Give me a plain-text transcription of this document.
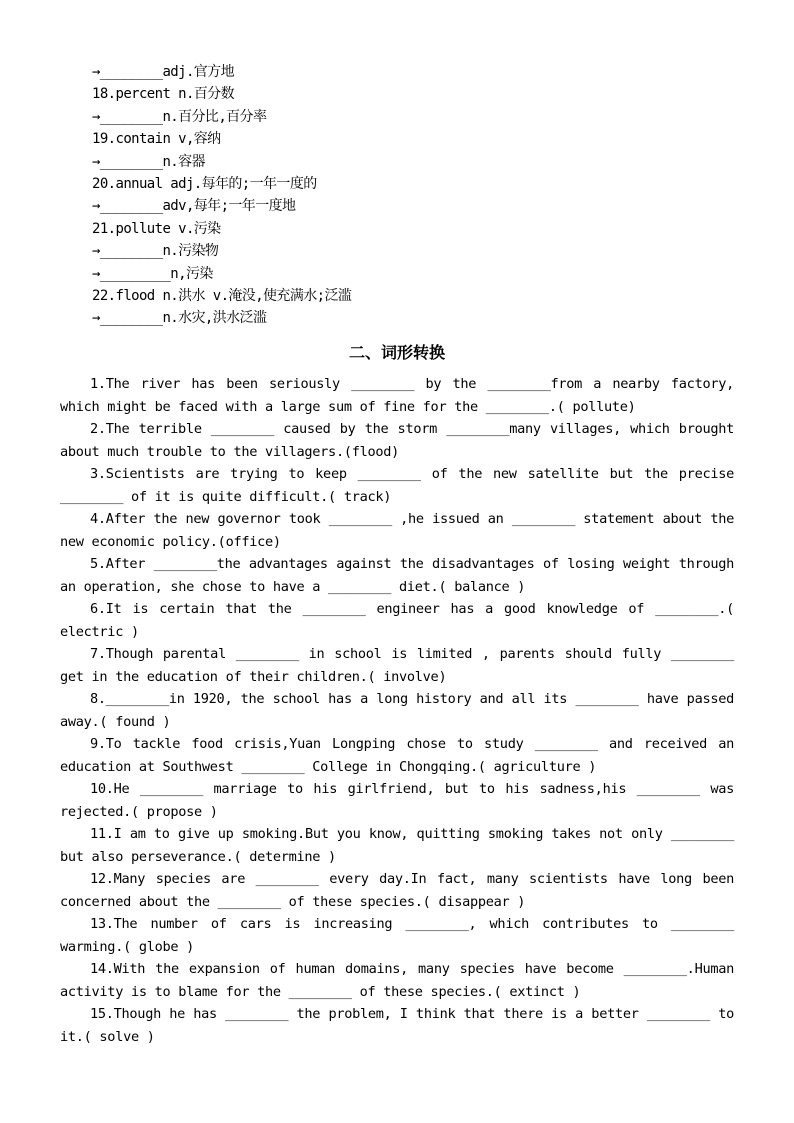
→________adj.官方地
18.percent n.百分数
→________n.百分比,百分率
19.contain v,容纳
→________n.容器
20.annual adj.每年的;一年一度的
→________adv,每年;一年一度地
21.pollute v.污染
→________n.污染物
→_________n,污染
22.flood n.洪水 v.淹没,使充满水;泛滥
→________n.水灾,洪水泛滥
二、词形转换

1.The river has been seriously ________ by the ________from a nearby factory, which might be faced with a large sum of fine for the ________.( pollute)

2.The terrible ________ caused by the storm ________many villages, which brought about much trouble to the villagers.(flood)

3.Scientists are trying to keep ________ of the new satellite but the precise ________ of it is quite difficult.( track)

4.After the new governor took ________ ,he issued an ________ statement about the new economic policy.(office)

5.After ________the advantages against the disadvantages of losing weight through an operation, she chose to have a ________ diet.( balance )

6.It is certain that the ________ engineer has a good knowledge of ________.( electric )

7.Though parental ________ in school is limited , parents should fully ________ get in the education of their children.( involve)

8.________in 1920, the school has a long history and all its ________ have passed away.( found )

9.To tackle food crisis,Yuan Longping chose to study ________ and received an education at Southwest ________ College in Chongqing.( agriculture )

10.He ________ marriage to his girlfriend, but to his sadness,his ________ was rejected.( propose )

11.I am to give up smoking.But you know, quitting smoking takes not only ________ but also perseverance.( determine )

12.Many species are ________ every day.In fact, many scientists have long been concerned about the ________ of these species.( disappear )

13.The number of cars is increasing ________, which contributes to ________ warming.( globe )

14.With the expansion of human domains, many species have become ________.Human activity is to blame for the ________ of these species.( extinct )

15.Though he has ________ the problem, I think that there is a better ________ to it.( solve )
